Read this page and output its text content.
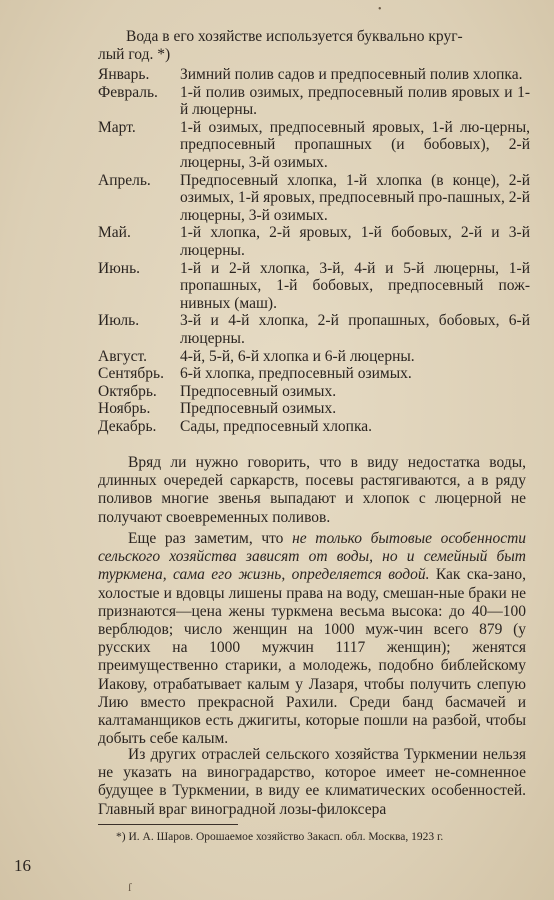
•
Вода в его хозяйстве используется буквально круг-
лый год. *)
Январь.	Зимний полив садов и предпосевный полив хлопка.
Февраль.	1-й полив озимых, предпосевный полив яровых и 1-й люцерны.
Март.	1-й озимых, предпосевный яровых, 1-й лю-церны, предпосевный пропашных (и бобовых), 2-й люцерны, 3-й озимых.
Апрель.	Предпосевный хлопка, 1-й хлопка (в конце), 2-й озимых, 1-й яровых, предпосевный про-пашных, 2-й люцерны, 3-й озимых.
Май.	1-й хлопка, 2-й яровых, 1-й бобовых, 2-й и 3-й люцерны.
Июнь.	1-й и 2-й хлопка, 3-й, 4-й и 5-й люцерны, 1-й пропашных, 1-й бобовых, предпосевный пож-нивных (маш).
Июль.	3-й и 4-й хлопка, 2-й пропашных, бобовых, 6-й люцерны.
Август.	4-й, 5-й, 6-й хлопка и 6-й люцерны.
Сентябрь.	6-й хлопка, предпосевный озимых.
Октябрь.	Предпосевный озимых.
Ноябрь.	Предпосевный озимых.
Декабрь.	Сады, предпосевный хлопка.

Вряд ли нужно говорить, что в виду недостатка воды, длинных очередей саркарств, посевы растягиваются, а в ряду поливов многие звенья выпадают и хлопок с люцерной не получают своевременных поливов.

Еще раз заметим, что не только бытовые особенности сельского хозяйства зависят от воды, но и семейный быт туркмена, сама его жизнь, определяется водой. Как ска-зано, холостые и вдовцы лишены права на воду, смешан-ные браки не признаются—цена жены туркмена весьма высока: до 40—100 верблюдов; число женщин на 1000 муж-чин всего 879 (у русских на 1000 мужчин 1117 женщин); женятся преимущественно старики, а молодежь, подобно библейскому Иакову, отрабатывает калым у Лазаря, чтобы получить слепую Лию вместо прекрасной Рахили. Среди банд басмачей и калтаманщиков есть джигиты, которые пошли на разбой, чтобы добыть себе калым.

Из других отраслей сельского хозяйства Туркмении нельзя не указать на виноградарство, которое имеет не-сомненное будущее в Туркмении, в виду ее климатических особенностей. Главный враг виноградной лозы-филоксера

*) И. А. Шаров. Орошаемое хозяйство Закасп. обл. Москва, 1923 г.
16
ſ
